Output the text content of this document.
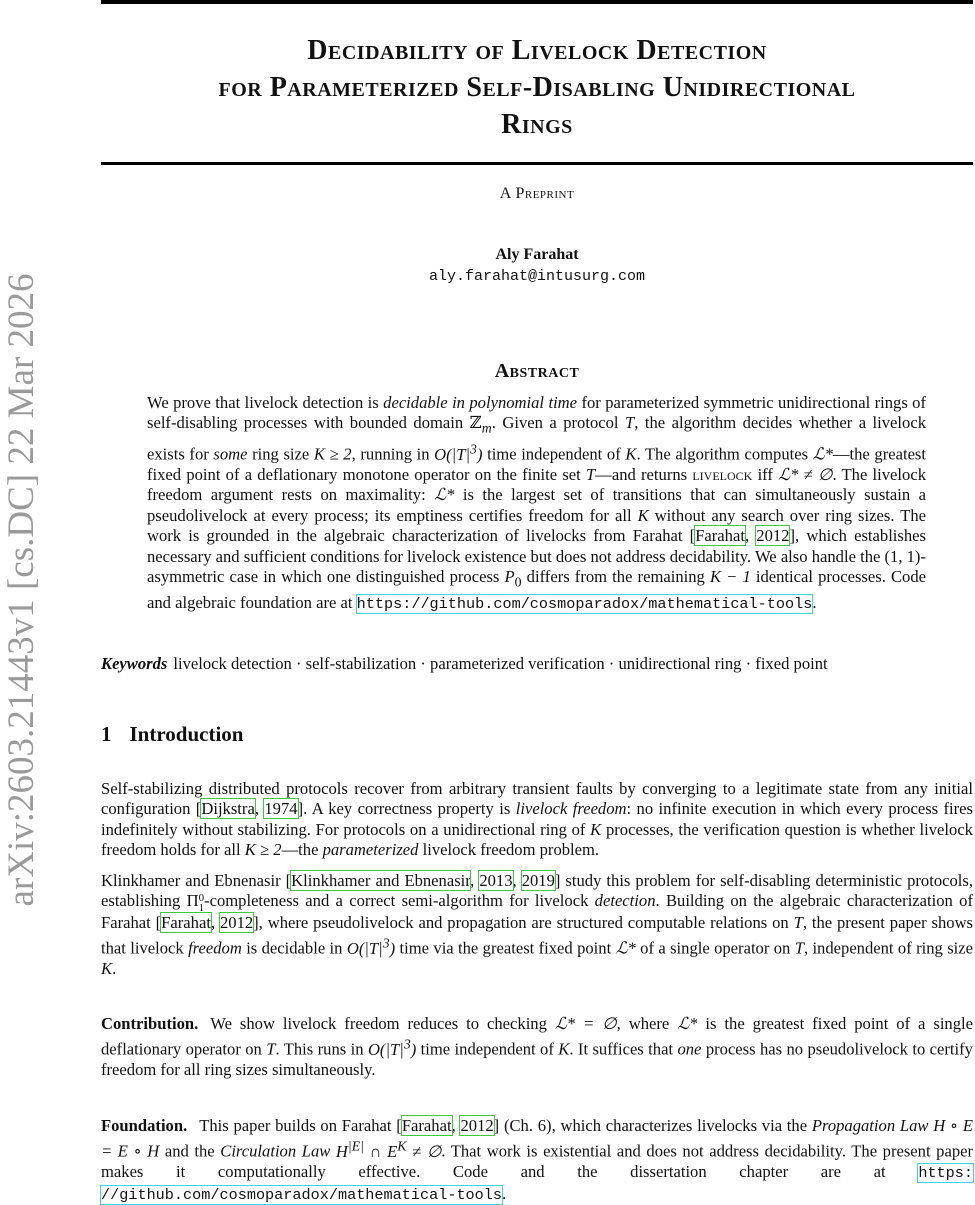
arXiv:2603.21443v1 [cs.DC] 22 Mar 2026
Decidability of Livelock Detection
for Parameterized Self-Disabling Unidirectional
Rings
A Preprint
Aly Farahat
aly.farahat@intusurg.com
Abstract
We prove that livelock detection is decidable in polynomial time for parameterized symmetric unidirectional rings of self-disabling processes with bounded domain ℤ$_m$. Given a protocol T, the algorithm decides whether a livelock exists for some ring size K ≥ 2, running in $O(|T|^3)$ time independent of K. The algorithm computes ℒ*—the greatest fixed point of a deflationary monotone operator on the finite set T—and returns livelock iff ℒ* ≠ ∅. The livelock freedom argument rests on maximality: ℒ* is the largest set of transitions that can simultaneously sustain a pseudolivelock at every process; its emptiness certifies freedom for all K without any search over ring sizes. The work is grounded in the algebraic characterization of livelocks from Farahat [Farahat, 2012], which establishes necessary and sufficient conditions for livelock existence but does not address decidability. We also handle the (1, 1)-asymmetric case in which one distinguished process $P_0$ differs from the remaining K − 1 identical processes. Code and algebraic foundation are at https://github.com/cosmoparadox/mathematical-tools.
Keywords livelock detection · self-stabilization · parameterized verification · unidirectional ring · fixed point
1 Introduction
Self-stabilizing distributed protocols recover from arbitrary transient faults by converging to a legitimate state from any initial configuration [Dijkstra, 1974]. A key correctness property is livelock freedom: no infinite execution in which every process fires indefinitely without stabilizing. For protocols on a unidirectional ring of K processes, the verification question is whether livelock freedom holds for all K ≥ 2—the parameterized livelock freedom problem.
Klinkhamer and Ebnenasir [Klinkhamer and Ebnenasir, 2013, 2019] study this problem for self-disabling deterministic protocols, establishing Π 0
1 -completeness and a correct semi-algorithm for livelock detection. Building on the algebraic characterization of Farahat [Farahat, 2012], where pseudolivelock and propagation are structured computable relations on T, the present paper shows that livelock freedom is decidable in $O(|T|^3)$ time via the greatest fixed point ℒ* of a single operator on T, independent of ring size K.
Contribution. We show livelock freedom reduces to checking ℒ* = ∅, where ℒ* is the greatest fixed point of a single deflationary operator on T. This runs in $O(|T|^3)$ time independent of K. It suffices that one process has no pseudolivelock to certify freedom for all ring sizes simultaneously.
Foundation. This paper builds on Farahat [Farahat, 2012] (Ch. 6), which characterizes livelocks via the Propagation Law H ∘ E = E ∘ H and the Circulation Law $H^{|E|}$ ∩ $E^K$ ≠ ∅. That work is existential and does not address decidability. The present paper makes it computationally effective. Code and the dissertation chapter are at https: //github.com/cosmoparadox/mathematical-tools.
